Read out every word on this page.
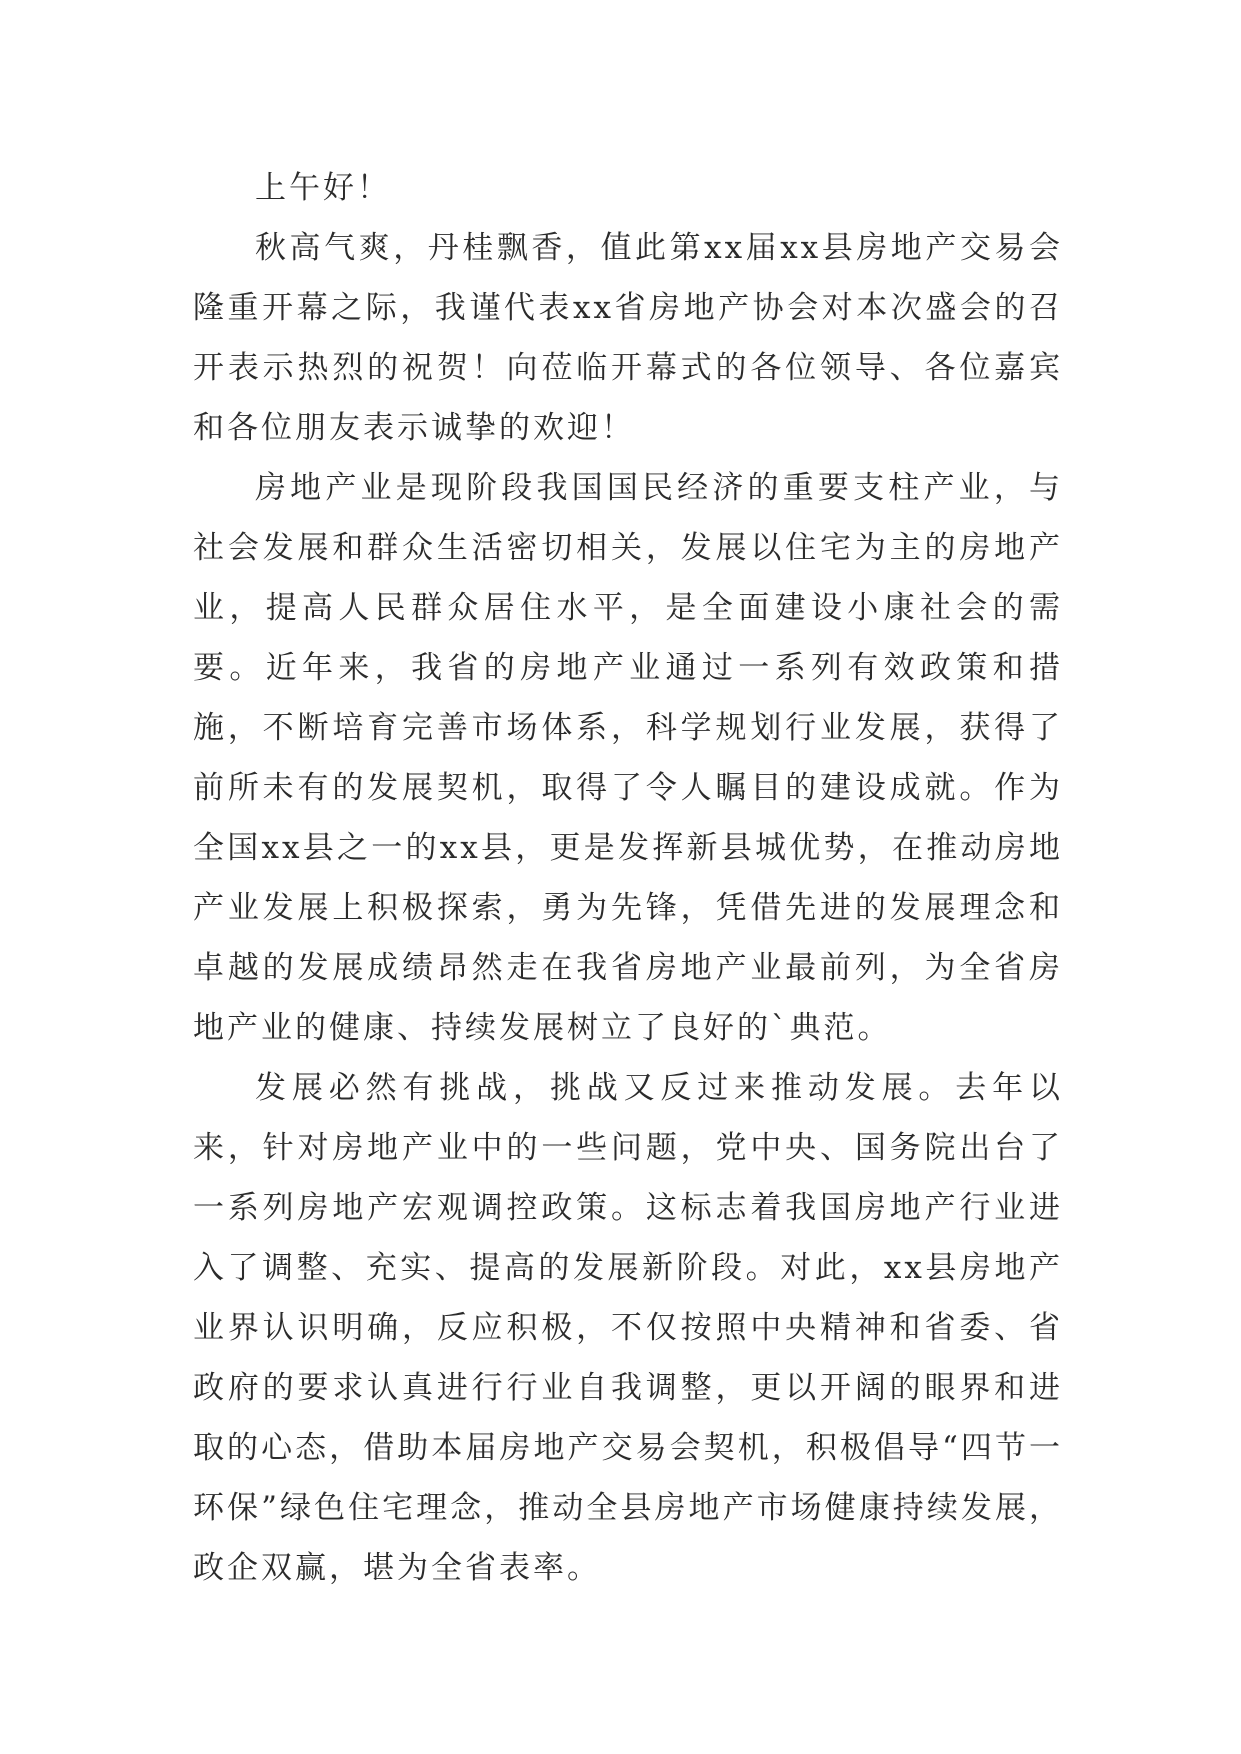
上午好！

秋高气爽，丹桂飘香，值此第xx届xx县房地产交易会隆重开幕之际，我谨代表xx省房地产协会对本次盛会的召开表示热烈的祝贺！向莅临开幕式的各位领导、各位嘉宾和各位朋友表示诚挚的欢迎！

房地产业是现阶段我国国民经济的重要支柱产业，与社会发展和群众生活密切相关，发展以住宅为主的房地产业，提高人民群众居住水平，是全面建设小康社会的需要。近年来，我省的房地产业通过一系列有效政策和措施，不断培育完善市场体系，科学规划行业发展，获得了前所未有的发展契机，取得了令人瞩目的建设成就。作为全国xx县之一的xx县，更是发挥新县城优势，在推动房地产业发展上积极探索，勇为先锋，凭借先进的发展理念和卓越的发展成绩昂然走在我省房地产业最前列，为全省房地产业的健康、持续发展树立了良好的`典范。

发展必然有挑战，挑战又反过来推动发展。去年以来，针对房地产业中的一些问题，党中央、国务院出台了一系列房地产宏观调控政策。这标志着我国房地产行业进入了调整、充实、提高的发展新阶段。对此，xx县房地产业界认识明确，反应积极，不仅按照中央精神和省委、省政府的要求认真进行行业自我调整，更以开阔的眼界和进取的心态，借助本届房地产交易会契机，积极倡导“四节一环保”绿色住宅理念，推动全县房地产市场健康持续发展，政企双赢，堪为全省表率。
